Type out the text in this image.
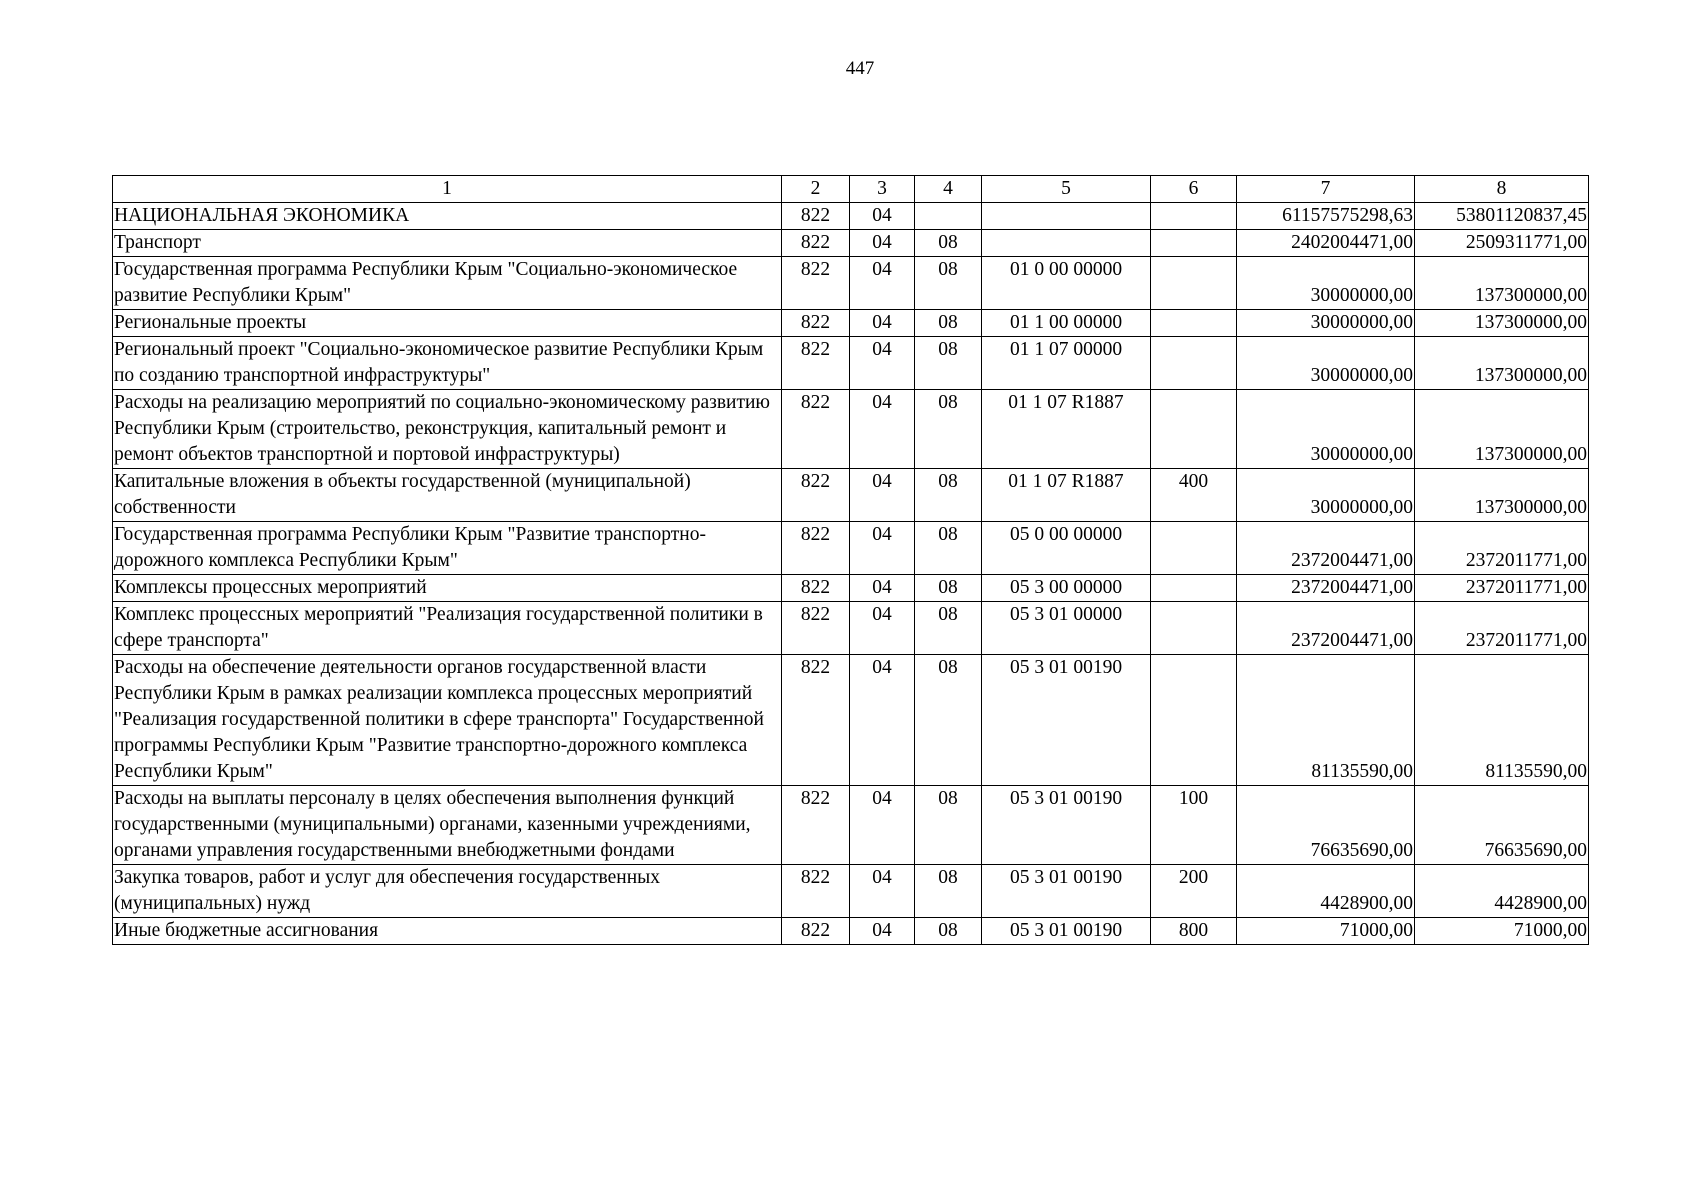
447
1	2	3	4	5	6	7	8
НАЦИОНАЛЬНАЯ ЭКОНОМИКА	822	04				61157575298,63	53801120837,45
Транспорт	822	04	08			2402004471,00	2509311771,00
Государственная программа Республики Крым "Социально-экономическое развитие Республики Крым"	822	04	08	01 0 00 00000		30000000,00	137300000,00
Региональные проекты	822	04	08	01 1 00 00000		30000000,00	137300000,00
Региональный проект "Социально-экономическое развитие Республики Крым по созданию транспортной инфраструктуры"	822	04	08	01 1 07 00000		30000000,00	137300000,00
Расходы на реализацию мероприятий по социально-экономическому развитию Республики Крым (строительство, реконструкция, капитальный ремонт и ремонт объектов транспортной и портовой инфраструктуры)	822	04	08	01 1 07 R1887		30000000,00	137300000,00
Капитальные вложения в объекты государственной (муниципальной) собственности	822	04	08	01 1 07 R1887	400	30000000,00	137300000,00
Государственная программа Республики Крым "Развитие транспортно-дорожного комплекса Республики Крым"	822	04	08	05 0 00 00000		2372004471,00	2372011771,00
Комплексы процессных мероприятий	822	04	08	05 3 00 00000		2372004471,00	2372011771,00
Комплекс процессных мероприятий "Реализация государственной политики в сфере транспорта"	822	04	08	05 3 01 00000		2372004471,00	2372011771,00
Расходы на обеспечение деятельности органов государственной власти Республики Крым в рамках реализации комплекса процессных мероприятий "Реализация государственной политики в сфере транспорта" Государственной программы Республики Крым "Развитие транспортно-дорожного комплекса Республики Крым"	822	04	08	05 3 01 00190		81135590,00	81135590,00
Расходы на выплаты персоналу в целях обеспечения выполнения функций государственными (муниципальными) органами, казенными учреждениями, органами управления государственными внебюджетными фондами	822	04	08	05 3 01 00190	100	76635690,00	76635690,00
Закупка товаров, работ и услуг для обеспечения государственных (муниципальных) нужд	822	04	08	05 3 01 00190	200	4428900,00	4428900,00
Иные бюджетные ассигнования	822	04	08	05 3 01 00190	800	71000,00	71000,00
